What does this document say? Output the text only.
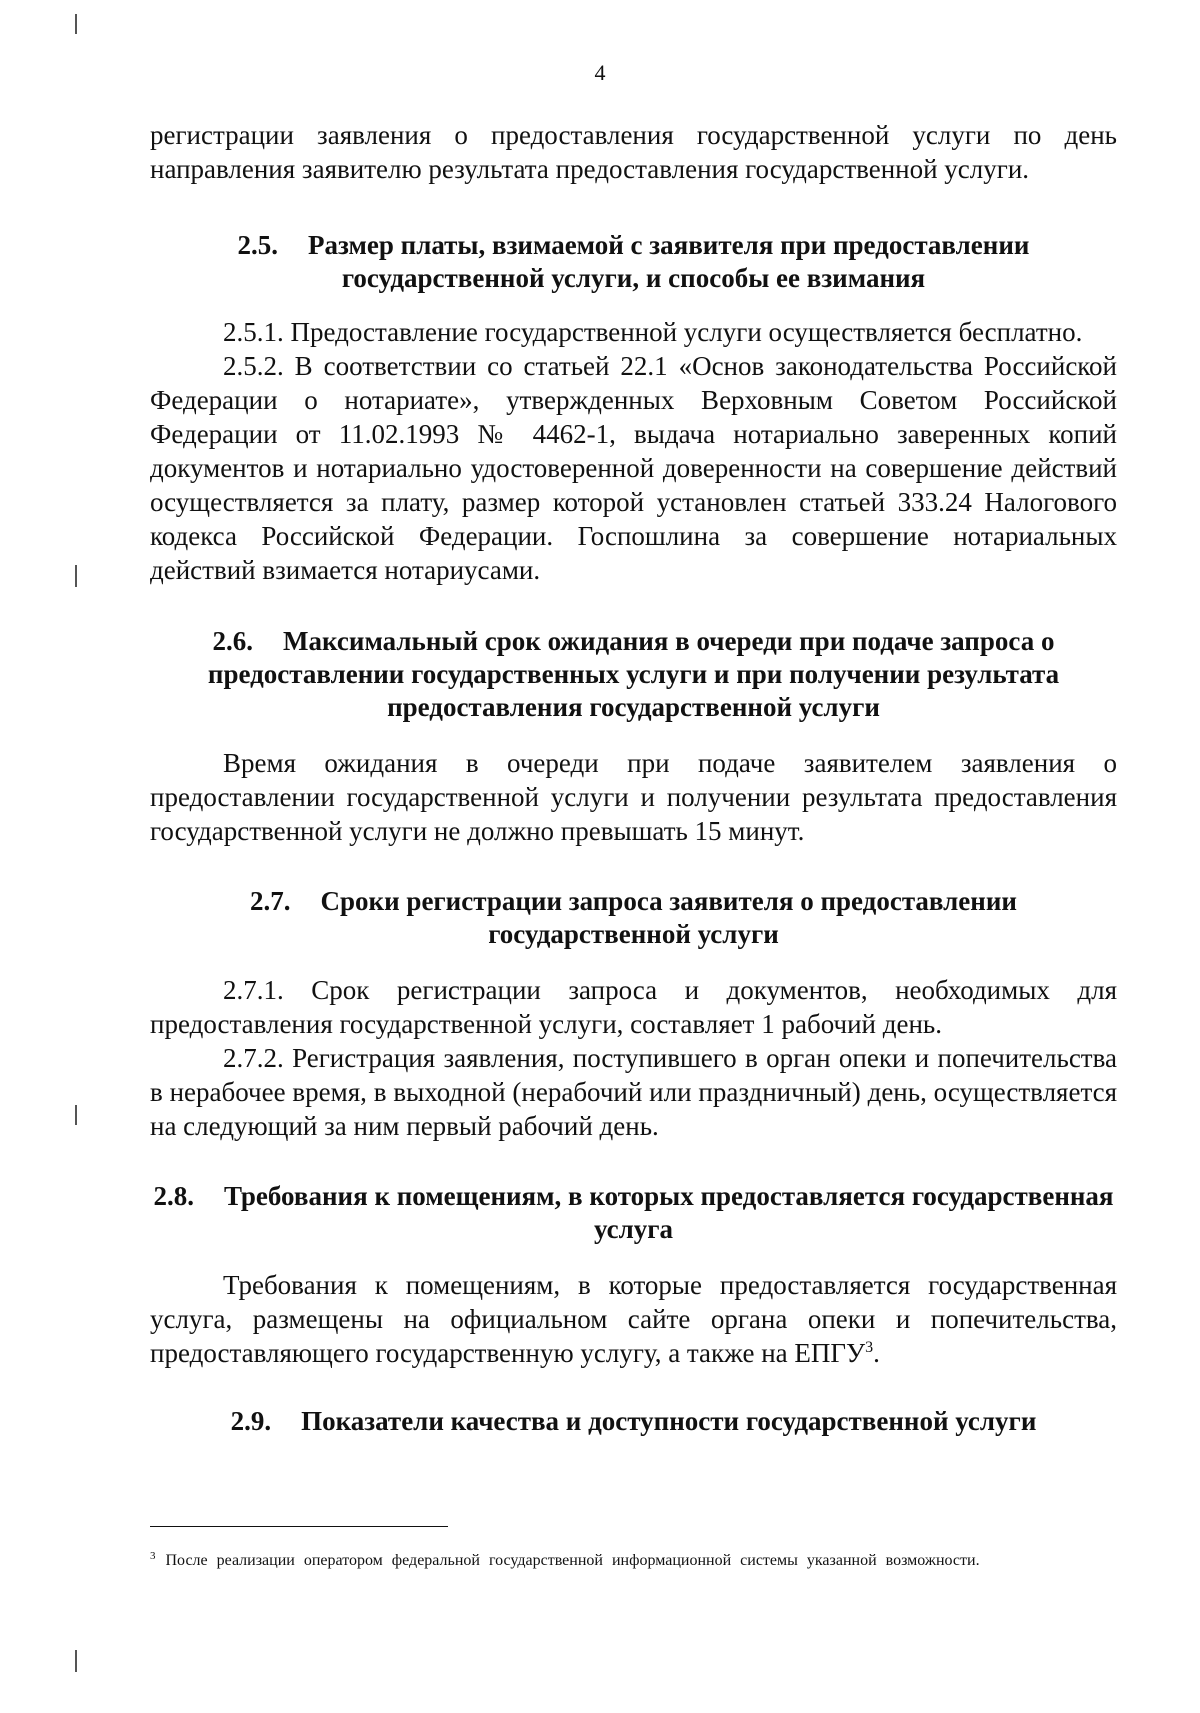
4

регистрации заявления о предоставления государственной услуги по день направления заявителю результата предоставления государственной услуги.

2.5. Размер платы, взимаемой с заявителя при предоставлении государственной услуги, и способы ее взимания

2.5.1. Предоставление государственной услуги осуществляется бесплатно.

2.5.2. В соответствии со статьей 22.1 «Основ законодательства Российской Федерации о нотариате», утвержденных Верховным Советом Российской Федерации от 11.02.1993 № 4462-1, выдача нотариально заверенных копий документов и нотариально удостоверенной доверенности на совершение действий осуществляется за плату, размер которой установлен статьей 333.24 Налогового кодекса Российской Федерации. Госпошлина за совершение нотариальных действий взимается нотариусами.

2.6. Максимальный срок ожидания в очереди при подаче запроса о предоставлении государственных услуги и при получении результата предоставления государственной услуги

Время ожидания в очереди при подаче заявителем заявления о предоставлении государственной услуги и получении результата предоставления государственной услуги не должно превышать 15 минут.

2.7. Сроки регистрации запроса заявителя о предоставлении государственной услуги

2.7.1. Срок регистрации запроса и документов, необходимых для предоставления государственной услуги, составляет 1 рабочий день.

2.7.2. Регистрация заявления, поступившего в орган опеки и попечительства в нерабочее время, в выходной (нерабочий или праздничный) день, осуществляется на следующий за ним первый рабочий день.

2.8. Требования к помещениям, в которых предоставляется государственная услуга

Требования к помещениям, в которые предоставляется государственная услуга, размещены на официальном сайте органа опеки и попечительства, предоставляющего государственную услугу, а также на ЕПГУ$^3$.

2.9. Показатели качества и доступности государственной услуги
$^3$ После реализации оператором федеральной государственной информационной системы указанной возможности.
